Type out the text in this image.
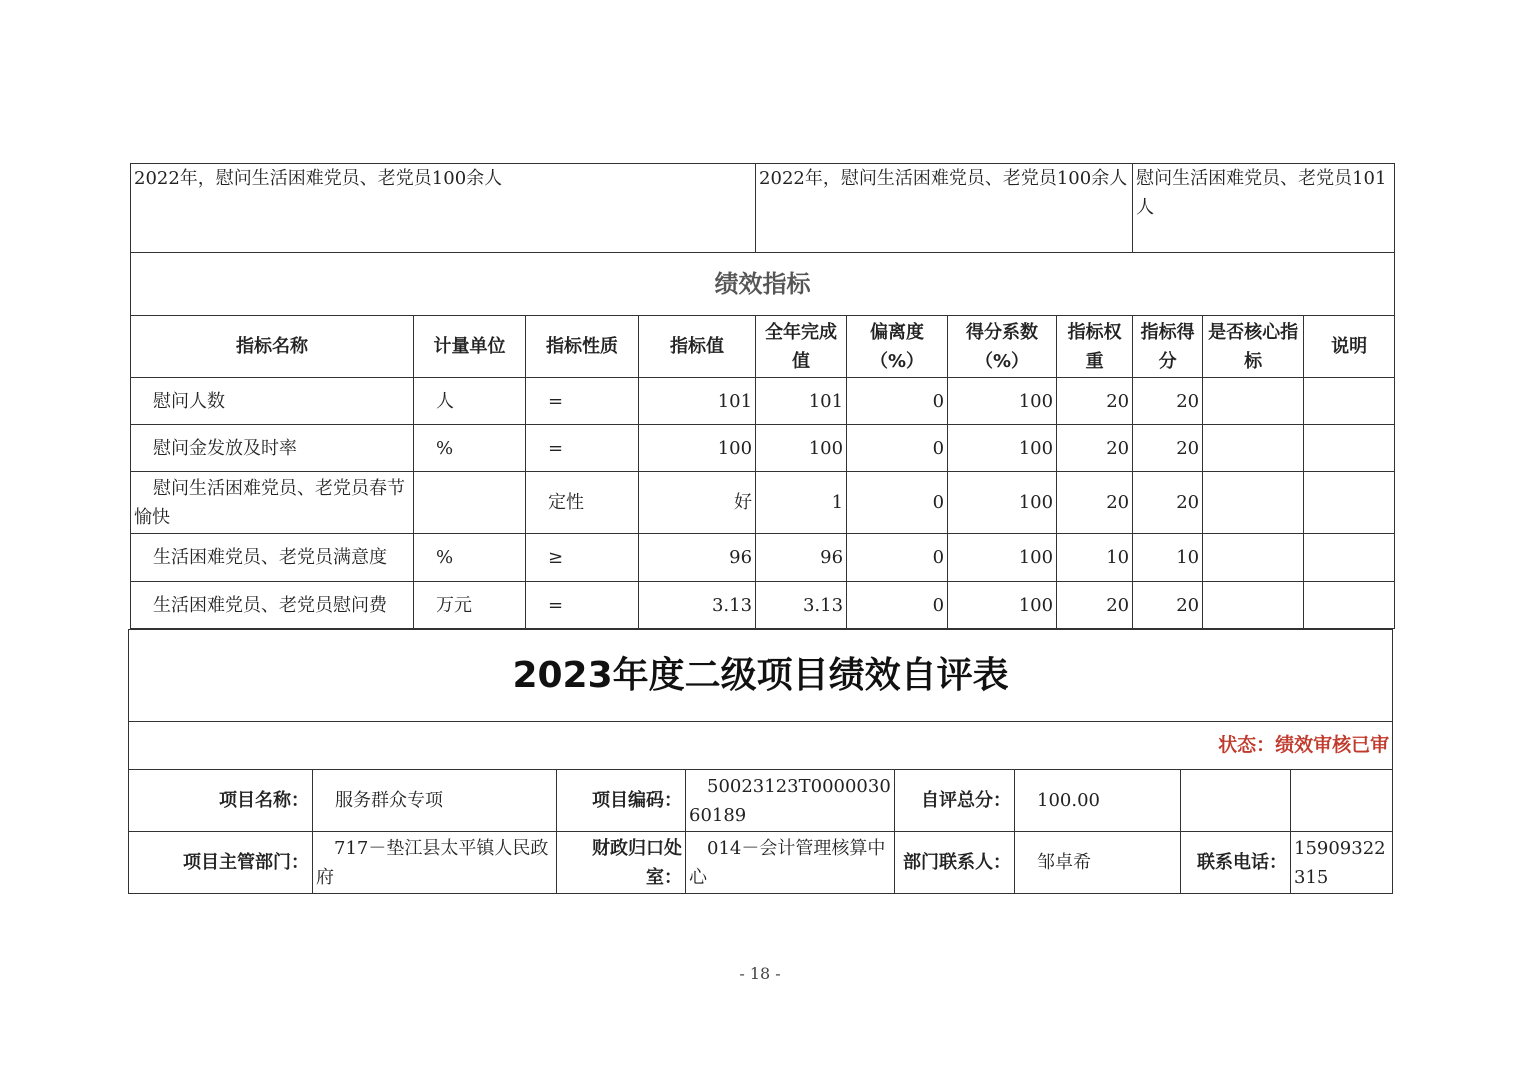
2022年，慰问生活困难党员、老党员100余人				2022年，慰问生活困难党员、老党员100余人				慰问生活困难党员、老党员101人		
绩效指标										
指标名称	计量单位	指标性质	指标值	全年完成值	偏离度（%）	得分系数（%）	指标权重	指标得分	是否核心指标	说明
慰问人数	人	=	101	101	0	100	20	20		
慰问金发放及时率	%	=	100	100	0	100	20	20		
慰问生活困难党员、老党员春节愉快		定性	好	1	0	100	20	20		
生活困难党员、老党员满意度	%	≥	96	96	0	100	10	10		
生活困难党员、老党员慰问费	万元	=	3.13	3.13	0	100	20	20		
2023年度二级项目绩效自评表							
状态：绩效审核已审							
项目名称：	服务群众专项	项目编码：	50023123T000003060189	自评总分：	100.00		
项目主管部门：	717－垫江县太平镇人民政府	财政归口处室：	014－会计管理核算中心	部门联系人：	邹卓希	联系电话：	15909322315
- 18 -
